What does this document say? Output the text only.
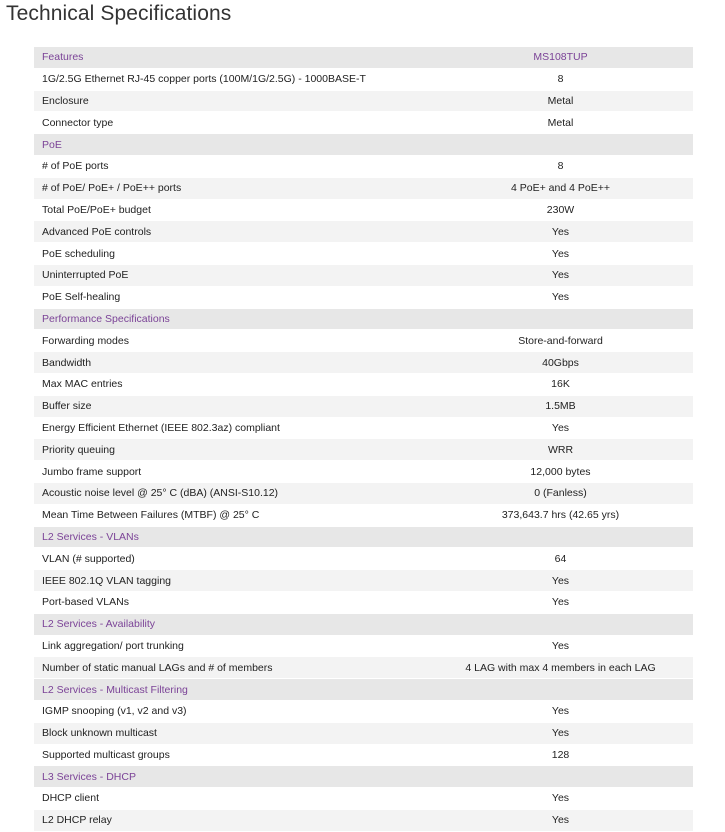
Technical Specifications
Features	MS108TUP
1G/2.5G Ethernet RJ-45 copper ports (100M/1G/2.5G) - 1000BASE-T	8
Enclosure	Metal
Connector type	Metal
PoE	
# of PoE ports	8
# of PoE/ PoE+ / PoE++ ports	4 PoE+ and 4 PoE++
Total PoE/PoE+ budget	230W
Advanced PoE controls	Yes
PoE scheduling	Yes
Uninterrupted PoE	Yes
PoE Self-healing	Yes
Performance Specifications	
Forwarding modes	Store-and-forward
Bandwidth	40Gbps
Max MAC entries	16K
Buffer size	1.5MB
Energy Efficient Ethernet (IEEE 802.3az) compliant	Yes
Priority queuing	WRR
Jumbo frame support	12,000 bytes
Acoustic noise level @ 25° C (dBA) (ANSI-S10.12)	0 (Fanless)
Mean Time Between Failures (MTBF) @ 25° C	373,643.7 hrs (42.65 yrs)
L2 Services - VLANs	
VLAN (# supported)	64
IEEE 802.1Q VLAN tagging	Yes
Port-based VLANs	Yes
L2 Services - Availability	
Link aggregation/ port trunking	Yes
Number of static manual LAGs and # of members	4 LAG with max 4 members in each LAG
L2 Services - Multicast Filtering	
IGMP snooping (v1, v2 and v3)	Yes
Block unknown multicast	Yes
Supported multicast groups	128
L3 Services - DHCP	
DHCP client	Yes
L2 DHCP relay	Yes
